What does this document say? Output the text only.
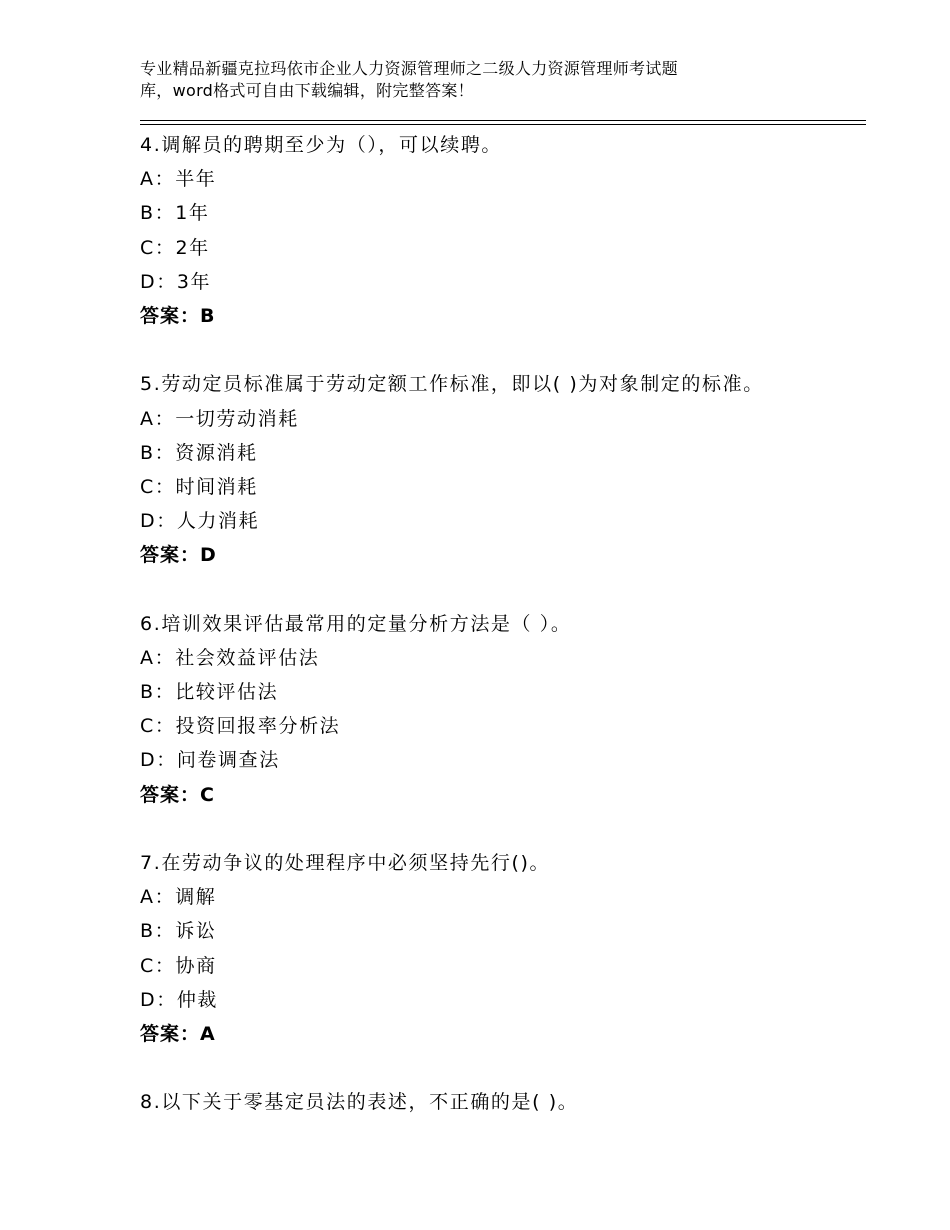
专业精品新疆克拉玛依市企业人力资源管理师之二级人力资源管理师考试题
库，word格式可自由下载编辑，附完整答案！
4.调解员的聘期至少为（），可以续聘。
A：半年
B：1年
C：2年
D：3年
答案：B
5.劳动定员标准属于劳动定额工作标准，即以( )为对象制定的标准。
A：一切劳动消耗
B：资源消耗
C：时间消耗
D：人力消耗
答案：D
6.培训效果评估最常用的定量分析方法是（ ）。
A：社会效益评估法
B：比较评估法
C：投资回报率分析法
D：问卷调查法
答案：C
7.在劳动争议的处理程序中必须坚持先行()。
A：调解
B：诉讼
C：协商
D：仲裁
答案：A
8.以下关于零基定员法的表述，不正确的是( )。
